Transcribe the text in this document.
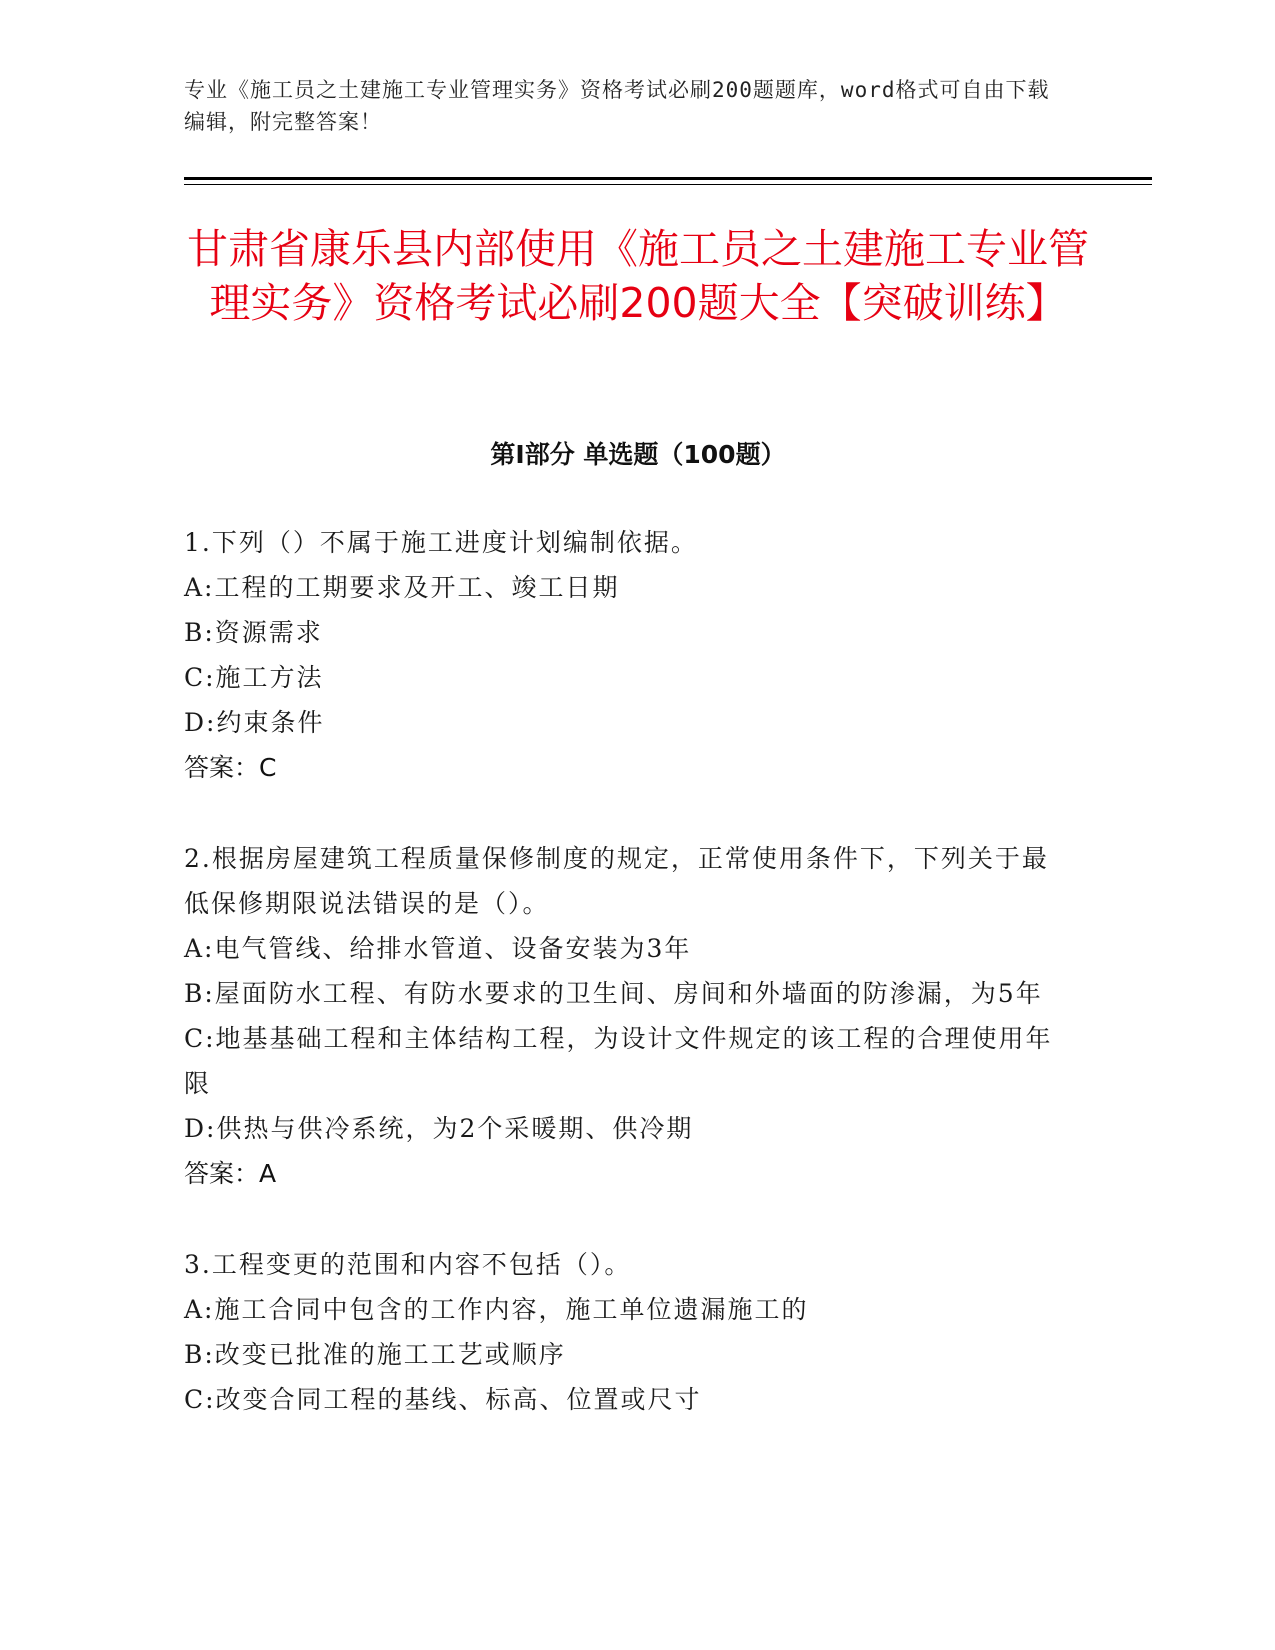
专业《施工员之土建施工专业管理实务》资格考试必刷200题题库，word格式可自由下载编辑，附完整答案！
甘肃省康乐县内部使用《施工员之土建施工专业管理实务》资格考试必刷200题大全【突破训练】
第Ⅰ部分 单选题（100题）
1.下列（）不属于施工进度计划编制依据。
A:工程的工期要求及开工、竣工日期
B:资源需求
C:施工方法
D:约束条件
答案：C
2.根据房屋建筑工程质量保修制度的规定，正常使用条件下，下列关于最低保修期限说法错误的是（）。
A:电气管线、给排水管道、设备安装为3年
B:屋面防水工程、有防水要求的卫生间、房间和外墙面的防渗漏，为5年
C:地基基础工程和主体结构工程，为设计文件规定的该工程的合理使用年限
D:供热与供冷系统，为2个采暖期、供冷期
答案：A
3.工程变更的范围和内容不包括（）。
A:施工合同中包含的工作内容，施工单位遗漏施工的
B:改变已批准的施工工艺或顺序
C:改变合同工程的基线、标高、位置或尺寸
